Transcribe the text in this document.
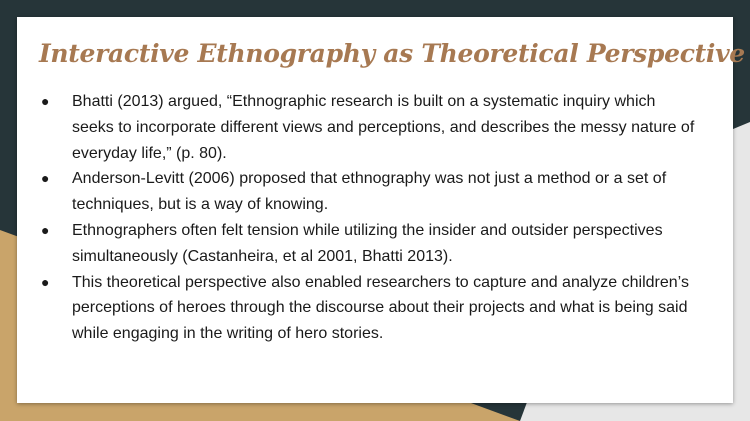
Interactive Ethnography as Theoretical Perspective
● Bhatti (2013) argued, “Ethnographic research is built on a systematic inquiry which seeks to incorporate different views and perceptions, and describes the messy nature of everyday life,” (p. 80).
● Anderson-Levitt (2006) proposed that ethnography was not just a method or a set of techniques, but is a way of knowing.
● Ethnographers often felt tension while utilizing the insider and outsider perspectives simultaneously (Castanheira, et al 2001, Bhatti 2013).
● This theoretical perspective also enabled researchers to capture and analyze children’s perceptions of heroes through the discourse about their projects and what is being said while engaging in the writing of hero stories.
